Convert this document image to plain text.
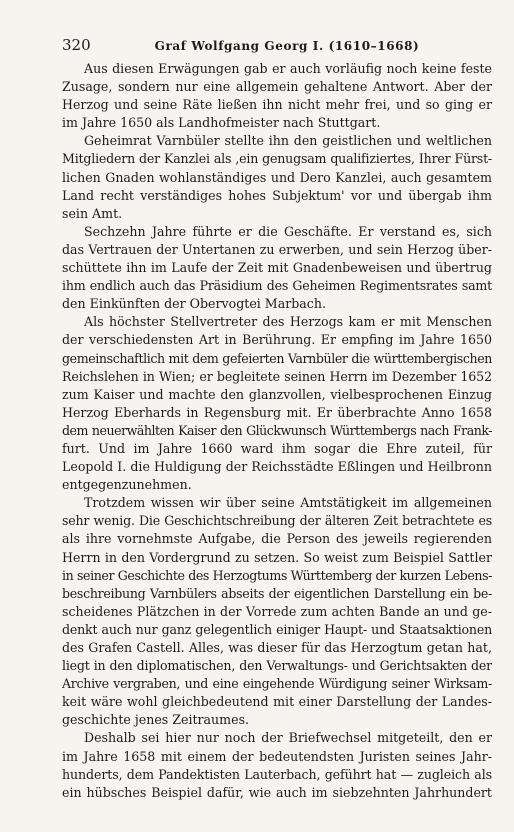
320	Graf Wolfgang Georg I. (1610–1668)
Aus diesen Erwägungen gab er auch vorläufig noch keine feste
Zusage, sondern nur eine allgemein gehaltene Antwort. Aber der
Herzog und seine Räte ließen ihn nicht mehr frei, und so ging er
im Jahre 1650 als Landhofmeister nach Stuttgart.
Geheimrat Varnbüler stellte ihn den geistlichen und weltlichen
Mitgliedern der Kanzlei als ‚ein genugsam qualifiziertes, Ihrer Fürst-
lichen Gnaden wohlanständiges und Dero Kanzlei, auch gesamtem
Land recht verständiges hohes Subjektum' vor und übergab ihm
sein Amt.
Sechzehn Jahre führte er die Geschäfte. Er verstand es, sich
das Vertrauen der Untertanen zu erwerben, und sein Herzog über-
schüttete ihn im Laufe der Zeit mit Gnadenbeweisen und übertrug
ihm endlich auch das Präsidium des Geheimen Regimentsrates samt
den Einkünften der Obervogtei Marbach.
Als höchster Stellvertreter des Herzogs kam er mit Menschen
der verschiedensten Art in Berührung. Er empfing im Jahre 1650
gemeinschaftlich mit dem gefeierten Varnbüler die württembergischen
Reichslehen in Wien; er begleitete seinen Herrn im Dezember 1652
zum Kaiser und machte den glanzvollen, vielbesprochenen Einzug
Herzog Eberhards in Regensburg mit. Er überbrachte Anno 1658
dem neuerwählten Kaiser den Glückwunsch Württembergs nach Frank-
furt. Und im Jahre 1660 ward ihm sogar die Ehre zuteil, für
Leopold I. die Huldigung der Reichsstädte Eßlingen und Heilbronn
entgegenzunehmen.
Trotzdem wissen wir über seine Amtstätigkeit im allgemeinen
sehr wenig. Die Geschichtschreibung der älteren Zeit betrachtete es
als ihre vornehmste Aufgabe, die Person des jeweils regierenden
Herrn in den Vordergrund zu setzen. So weist zum Beispiel Sattler
in seiner Geschichte des Herzogtums Württemberg der kurzen Lebens-
beschreibung Varnbülers abseits der eigentlichen Darstellung ein be-
scheidenes Plätzchen in der Vorrede zum achten Bande an und ge-
denkt auch nur ganz gelegentlich einiger Haupt- und Staatsaktionen
des Grafen Castell. Alles, was dieser für das Herzogtum getan hat,
liegt in den diplomatischen, den Verwaltungs- und Gerichtsakten der
Archive vergraben, und eine eingehende Würdigung seiner Wirksam-
keit wäre wohl gleichbedeutend mit einer Darstellung der Landes-
geschichte jenes Zeitraumes.
Deshalb sei hier nur noch der Briefwechsel mitgeteilt, den er
im Jahre 1658 mit einem der bedeutendsten Juristen seines Jahr-
hunderts, dem Pandektisten Lauterbach, geführt hat — zugleich als
ein hübsches Beispiel dafür, wie auch im siebzehnten Jahrhundert
